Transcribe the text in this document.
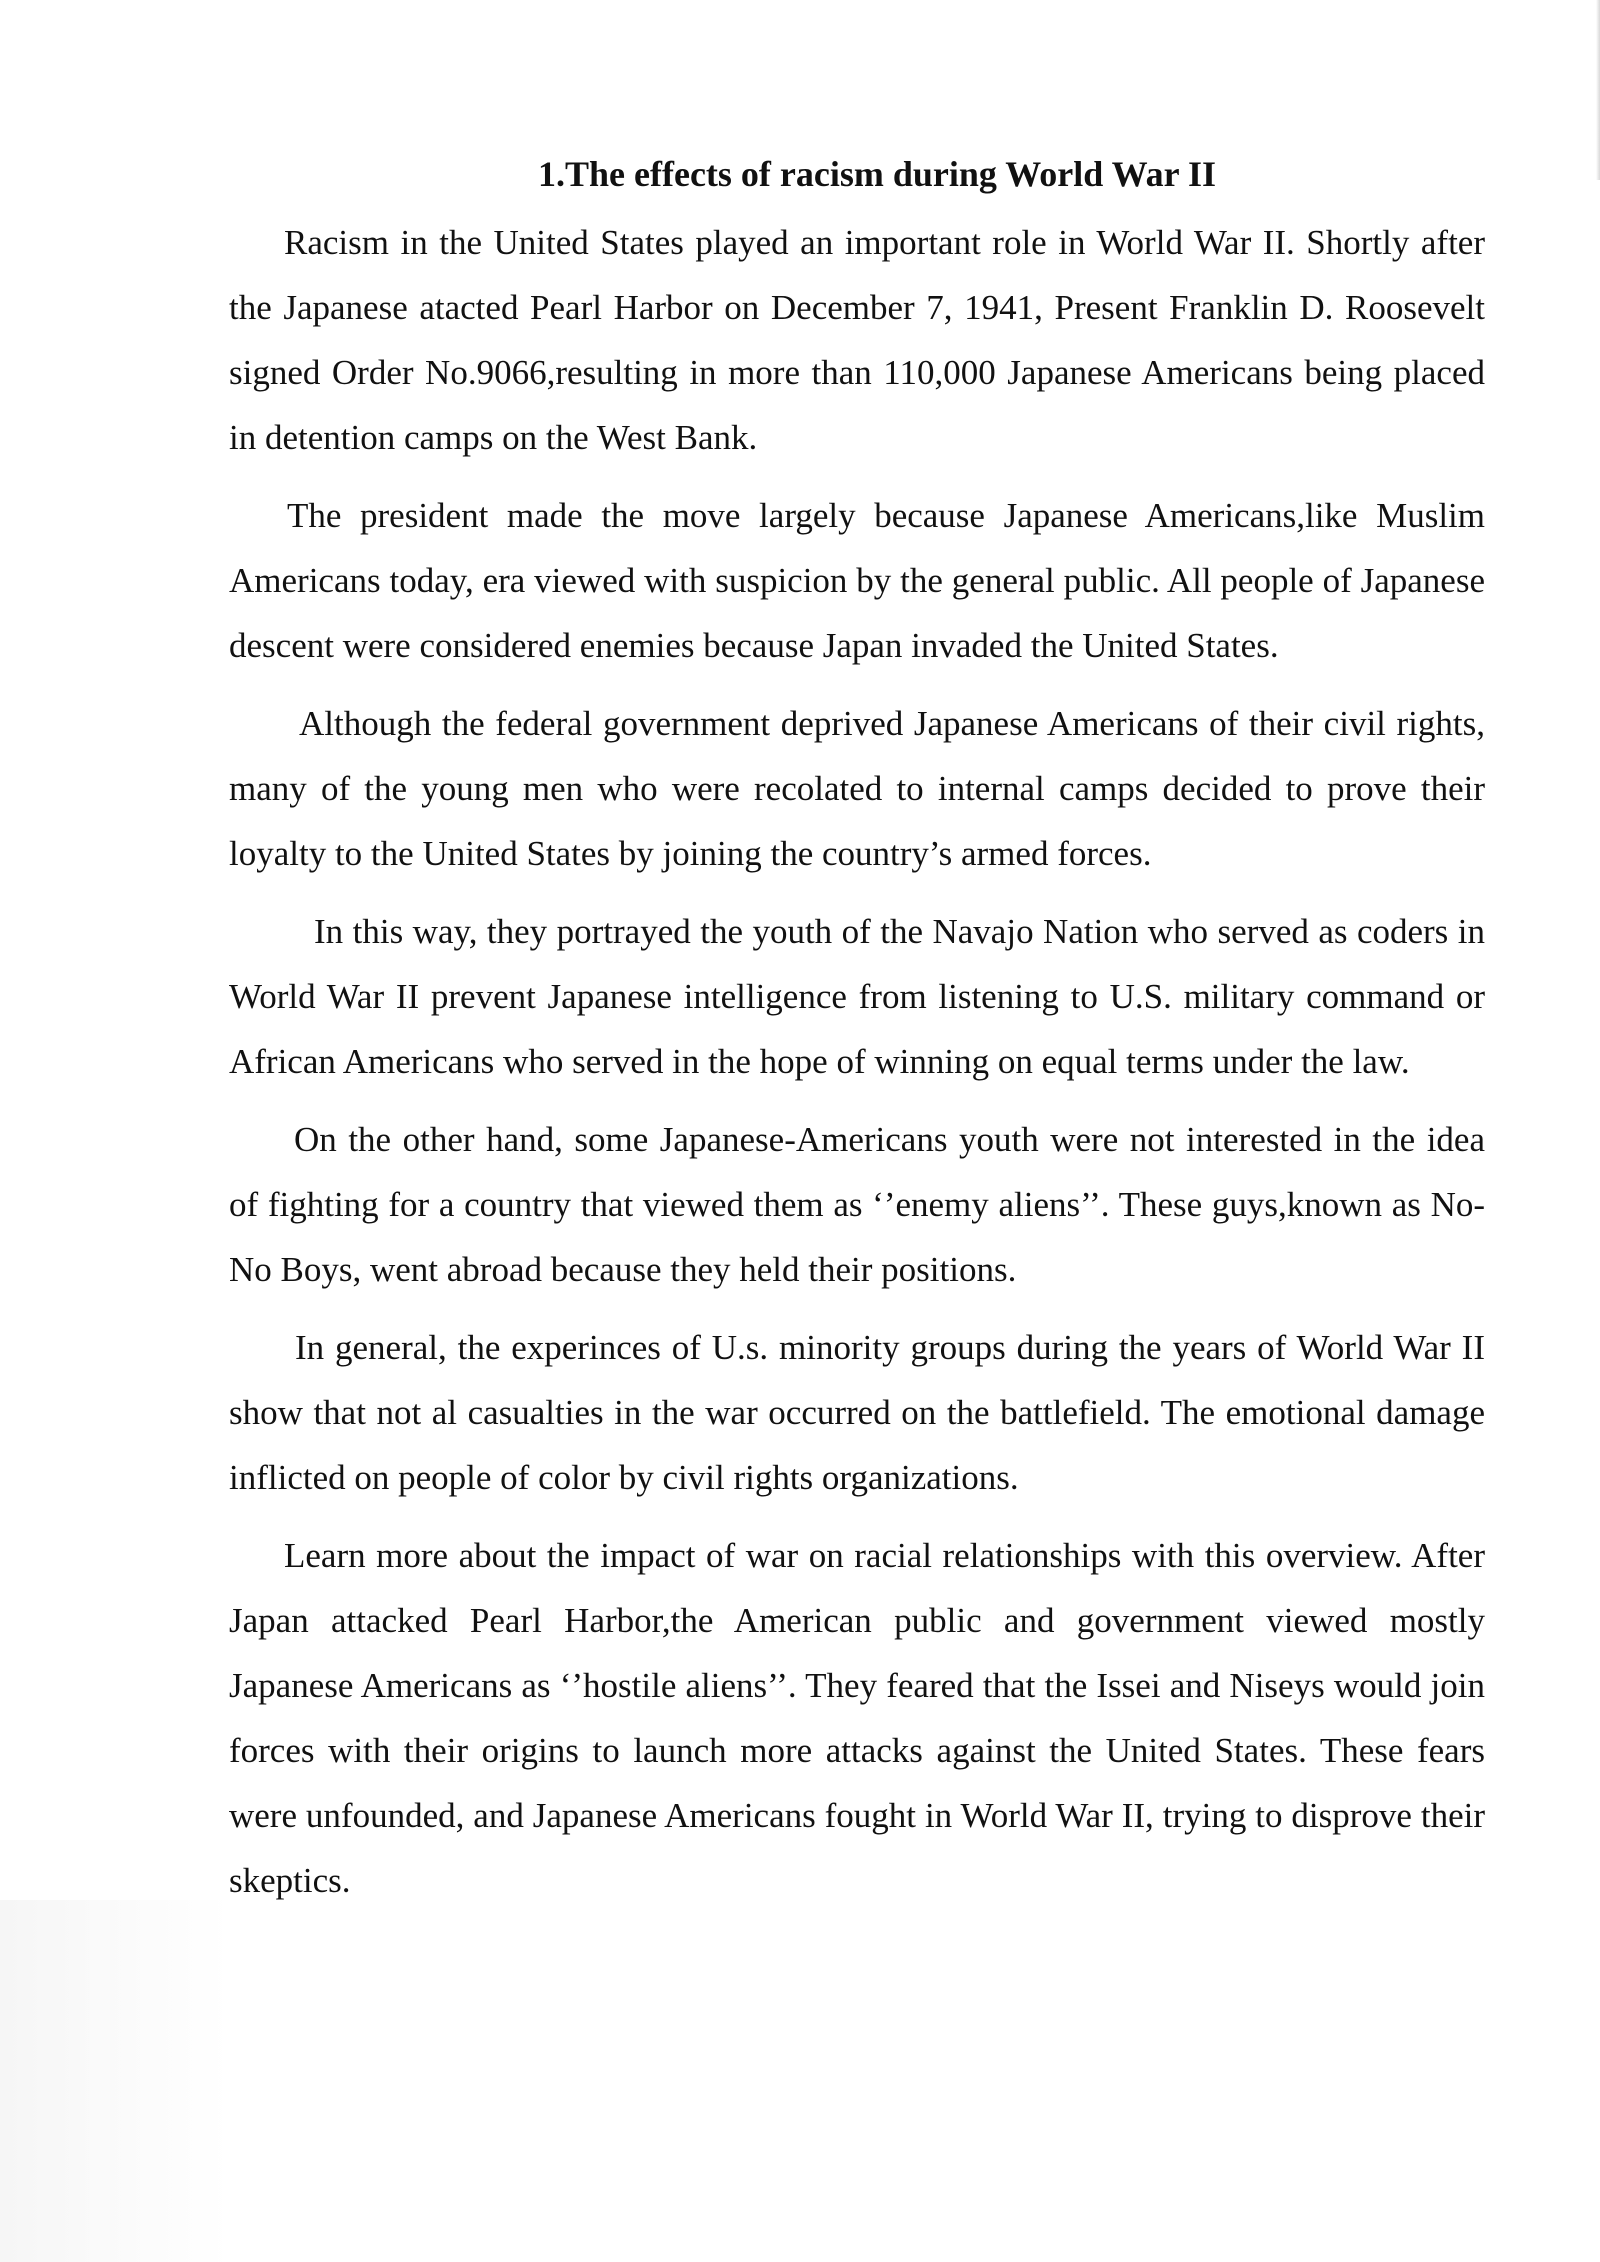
1.The effects of racism during World War II

Racism in the United States played an important role in World War II. Shortly after the Japanese atacted Pearl Harbor on December 7, 1941, Present Franklin D. Roosevelt signed Order No.9066,resulting in more than 110,000 Japanese Americans being placed in detention camps on the West Bank.

The president made the move largely because Japanese Americans,like Muslim Americans today, era viewed with suspicion by the general public. All people of Japanese descent were considered enemies because Japan invaded the United States.

Although the federal government deprived Japanese Americans of their civil rights, many of the young men who were recolated to internal camps decided to prove their loyalty to the United States by joining the country’s armed forces.

In this way, they portrayed the youth of the Navajo Nation who served as coders in World War II prevent Japanese intelligence from listening to U.S. military command or African Americans who served in the hope of winning on equal terms under the law.

On the other hand, some Japanese-Americans youth were not interested in the idea of fighting for a country that viewed them as ‘’enemy aliens’’. These guys,known as No-No Boys, went abroad because they held their positions.

In general, the experinces of U.s. minority groups during the years of World War II show that not al casualties in the war occurred on the battlefield. The emotional damage inflicted on people of color by civil rights organizations.

Learn more about the impact of war on racial relationships with this overview. After Japan attacked Pearl Harbor,the American public and government viewed mostly Japanese Americans as ‘’hostile aliens’’. They feared that the Issei and Niseys would join forces with their origins to launch more attacks against the United States. These fears were unfounded, and Japanese Americans fought in World War II, trying to disprove their skeptics.
